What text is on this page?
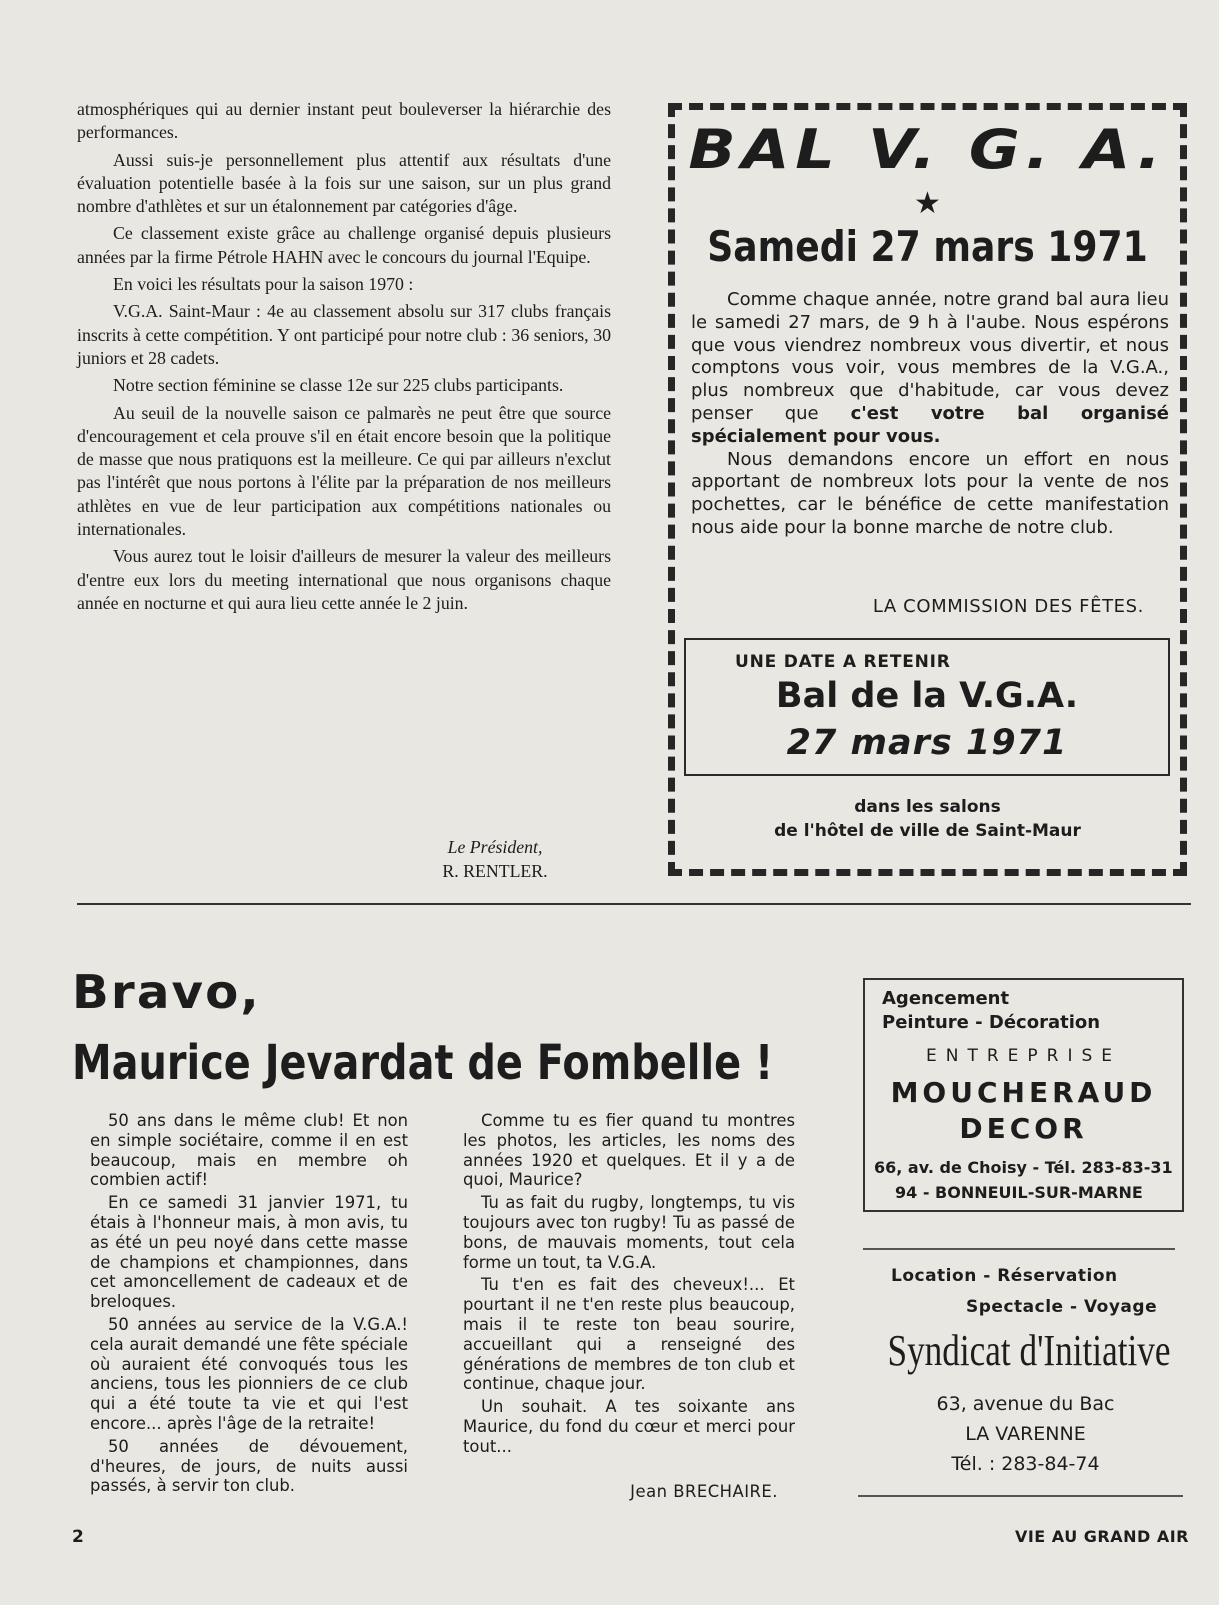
atmosphériques qui au dernier instant peut bouleverser la hiérarchie des performances.

Aussi suis-je personnellement plus attentif aux résultats d'une évaluation potentielle basée à la fois sur une saison, sur un plus grand nombre d'athlètes et sur un étalonnement par catégories d'âge.

Ce classement existe grâce au challenge organisé depuis plusieurs années par la firme Pétrole HAHN avec le concours du journal l'Equipe.

En voici les résultats pour la saison 1970 :

V.G.A. Saint-Maur : 4e au classement absolu sur 317 clubs français inscrits à cette compétition. Y ont participé pour notre club : 36 seniors, 30 juniors et 28 cadets.

Notre section féminine se classe 12e sur 225 clubs participants.

Au seuil de la nouvelle saison ce palmarès ne peut être que source d'encouragement et cela prouve s'il en était encore besoin que la politique de masse que nous pratiquons est la meilleure. Ce qui par ailleurs n'exclut pas l'intérêt que nous portons à l'élite par la préparation de nos meilleurs athlètes en vue de leur participation aux compétitions nationales ou internationales.

Vous aurez tout le loisir d'ailleurs de mesurer la valeur des meilleurs d'entre eux lors du meeting international que nous organisons chaque année en nocturne et qui aura lieu cette année le 2 juin.

Le Président,
R. RENTLER.
BAL V. G. A.
★
Samedi 27 mars 1971

Comme chaque année, notre grand bal aura lieu le samedi 27 mars, de 9 h à l'aube. Nous espérons que vous viendrez nombreux vous divertir, et nous comptons vous voir, vous membres de la V.G.A., plus nombreux que d'habitude, car vous devez penser que c'est votre bal organisé spécialement pour vous.

Nous demandons encore un effort en nous apportant de nombreux lots pour la vente de nos pochettes, car le bénéfice de cette manifestation nous aide pour la bonne marche de notre club.

LA COMMISSION DES FÊTES.
UNE DATE A RETENIR
Bal de la V.G.A.
27 mars 1971
dans les salons
de l'hôtel de ville de Saint-Maur
Bravo,
Maurice Jevardat de Fombelle !

50 ans dans le même club! Et non en simple sociétaire, comme il en est beaucoup, mais en membre oh combien actif!

En ce samedi 31 janvier 1971, tu étais à l'honneur mais, à mon avis, tu as été un peu noyé dans cette masse de champions et championnes, dans cet amoncellement de cadeaux et de breloques.

50 années au service de la V.G.A.! cela aurait demandé une fête spéciale où auraient été convoqués tous les anciens, tous les pionniers de ce club qui a été toute ta vie et qui l'est encore... après l'âge de la retraite!

50 années de dévouement, d'heures, de jours, de nuits aussi passés, à servir ton club.

Comme tu es fier quand tu montres les photos, les articles, les noms des années 1920 et quelques. Et il y a de quoi, Maurice?

Tu as fait du rugby, longtemps, tu vis toujours avec ton rugby! Tu as passé de bons, de mauvais moments, tout cela forme un tout, ta V.G.A.

Tu t'en es fait des cheveux!... Et pourtant il ne t'en reste plus beaucoup, mais il te reste ton beau sourire, accueillant qui a renseigné des générations de membres de ton club et continue, chaque jour.

Un souhait. A tes soixante ans Maurice, du fond du cœur et merci pour tout...

Jean BRECHAIRE.
Agencement
Peinture - Décoration
ENTREPRISE
MOUCHERAUD
DECOR
66, av. de Choisy - Tél. 283-83-31
94 - BONNEUIL-SUR-MARNE
Location - Réservation
Spectacle - Voyage
Syndicat d'Initiative
63, avenue du Bac
LA VARENNE
Tél. : 283-84-74
2	VIE AU GRAND AIR
